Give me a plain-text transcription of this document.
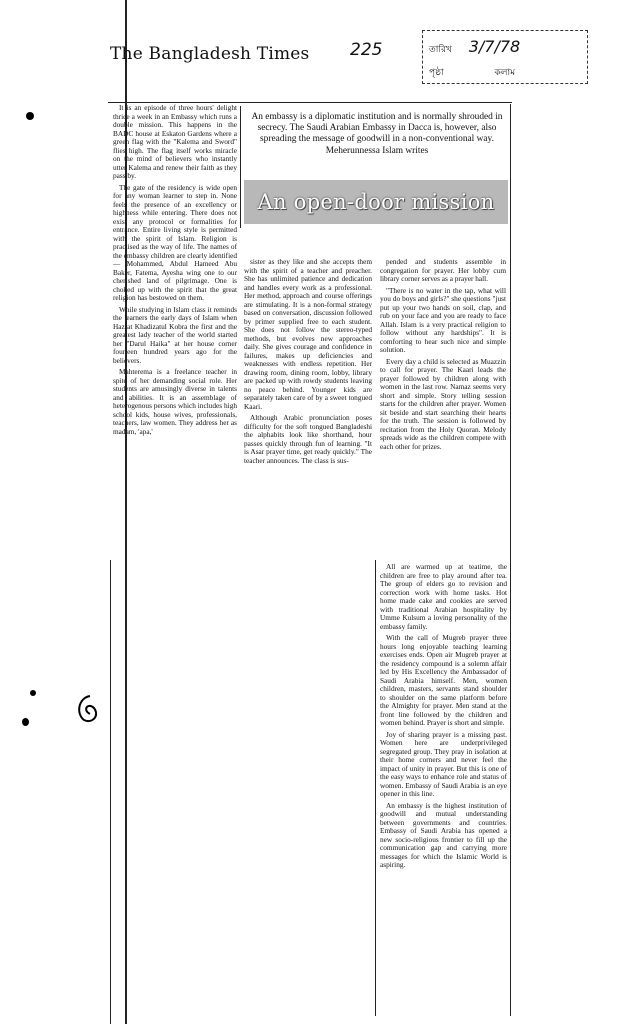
The Bangladesh Times 225	তারিখ 3/7/78
পৃষ্ঠা	কলাম
An embassy is a diplomatic institution and is normally shrouded in secrecy. The Saudi Arabian Embassy in Dacca is, however, also spreading the message of goodwill in a non-conventional way.
Meherunnessa Islam writes
An open-door mission

It is an episode of three hours' delight thrice a week in an Embassy which runs a double mission. This happens in the BADC house at Eskaton Gardens where a green flag with the "Kalema and Sword" flies high. The flag itself works miracle on the mind of believers who instantly utter Kalema and renew their faith as they pass by.

The gate of the residency is wide open for any woman learner to step in. None feels the presence of an excellency or highness while entering. There does not exist any protocol or formalities for entrance. Entire living style is permitted with the spirit of Islam. Religion is practised as the way of life. The names of the embassy children are clearly identified — Mohammed, Abdul Hameed Abu Baker, Fatema, Ayesha wing one to our cherished land of pilgrimage. One is choked up with the spirit that the great religion has bestowed on them.

While studying in Islam class it reminds the learners the early days of Islam when Hazrat Khadizatul Kobra the first and the greatest lady teacher of the world started her "Darul Haika" at her house corner fourteen hundred years ago for the believers.

Mahterema is a freelance teacher in spite of her demanding social role. Her students are amusingly diverse in talents and abilities. It is an assemblage of heterogenous persons which includes high school kids, house wives, professionals, teachers, law women. They address her as madam, 'apa,'

sister as they like and she accepts them with the spirit of a teacher and preacher. She has unlimited patience and dedication and handles every work as a professional. Her method, approach and course offerings are stimulating. It is a non-formal strategy based on conversation, discussion followed by primer supplied free to each student. She does not follow the stereo-typed methods, but evolves new approaches daily. She gives courage and confidence in failures, makes up deficiencies and weaknesses with endless repetition. Her drawing room, dining room, lobby, library are packed up with rowdy students leaving no peace behind. Younger kids are separately taken care of by a sweet tongued Kaari.

Although Arabic pronunciation poses difficulty for the soft tongued Bangladeshi the alphabits look like shorthand, hour passes quickly through fun of learning. "It is Asar prayer time, get ready quickly." The teacher announces. The class is sus-

pended and students assemble in congregation for prayer. Her lobby cum library corner serves as a prayer hall.

"There is no water in the tap, what will you do boys and girls?" she questions "just put up your two hands on soil, clap, and rub on your face and you are ready to face Allah. Islam is a very practical religion to follow without any hardships". It is comforting to hear such nice and simple solution.

Every day a child is selected as Muazzin to call for prayer. The Kaari leads the prayer followed by children along with women in the last row. Namaz seems very short and simple. Story telling session starts for the children after prayer. Women sit beside and start searching their hearts for the truth. The session is followed by recitation from the Holy Quoran. Melody spreads wide as the children compete with each other for prizes.

All are warmed up at teatime, the children are free to play around after tea. The group of elders go to revision and correction work with home tasks. Hot home made cake and cookies are served with traditional Arabian hospitality by Umme Kulsum a loving personality of the embassy family.

With the call of Mugreb prayer three hours long enjoyable teaching learning exercises ends. Open air Mugreb prayer at the residency compound is a solemn affair led by His Excellency the Ambassador of Saudi Arabia himself. Men, women children, masters, servants stand shoulder to shoulder on the same platform before the Almighty for prayer. Men stand at the front line followed by the children and women behind. Prayer is short and simple.

Joy of sharing prayer is a missing past. Women here are underprivileged segregated group. They pray in isolation at their home corners and never feel the impact of unity in prayer. But this is one of the easy ways to enhance role and status of women. Embassy of Saudi Arabia is an eye opener in this line.

An embassy is the highest institution of goodwill and mutual understanding between governments and countries. Embassy of Saudi Arabia has opened a new socio-religious frontier to fill up the communication gap and carrying more messages for which the Islamic World is aspiring.
